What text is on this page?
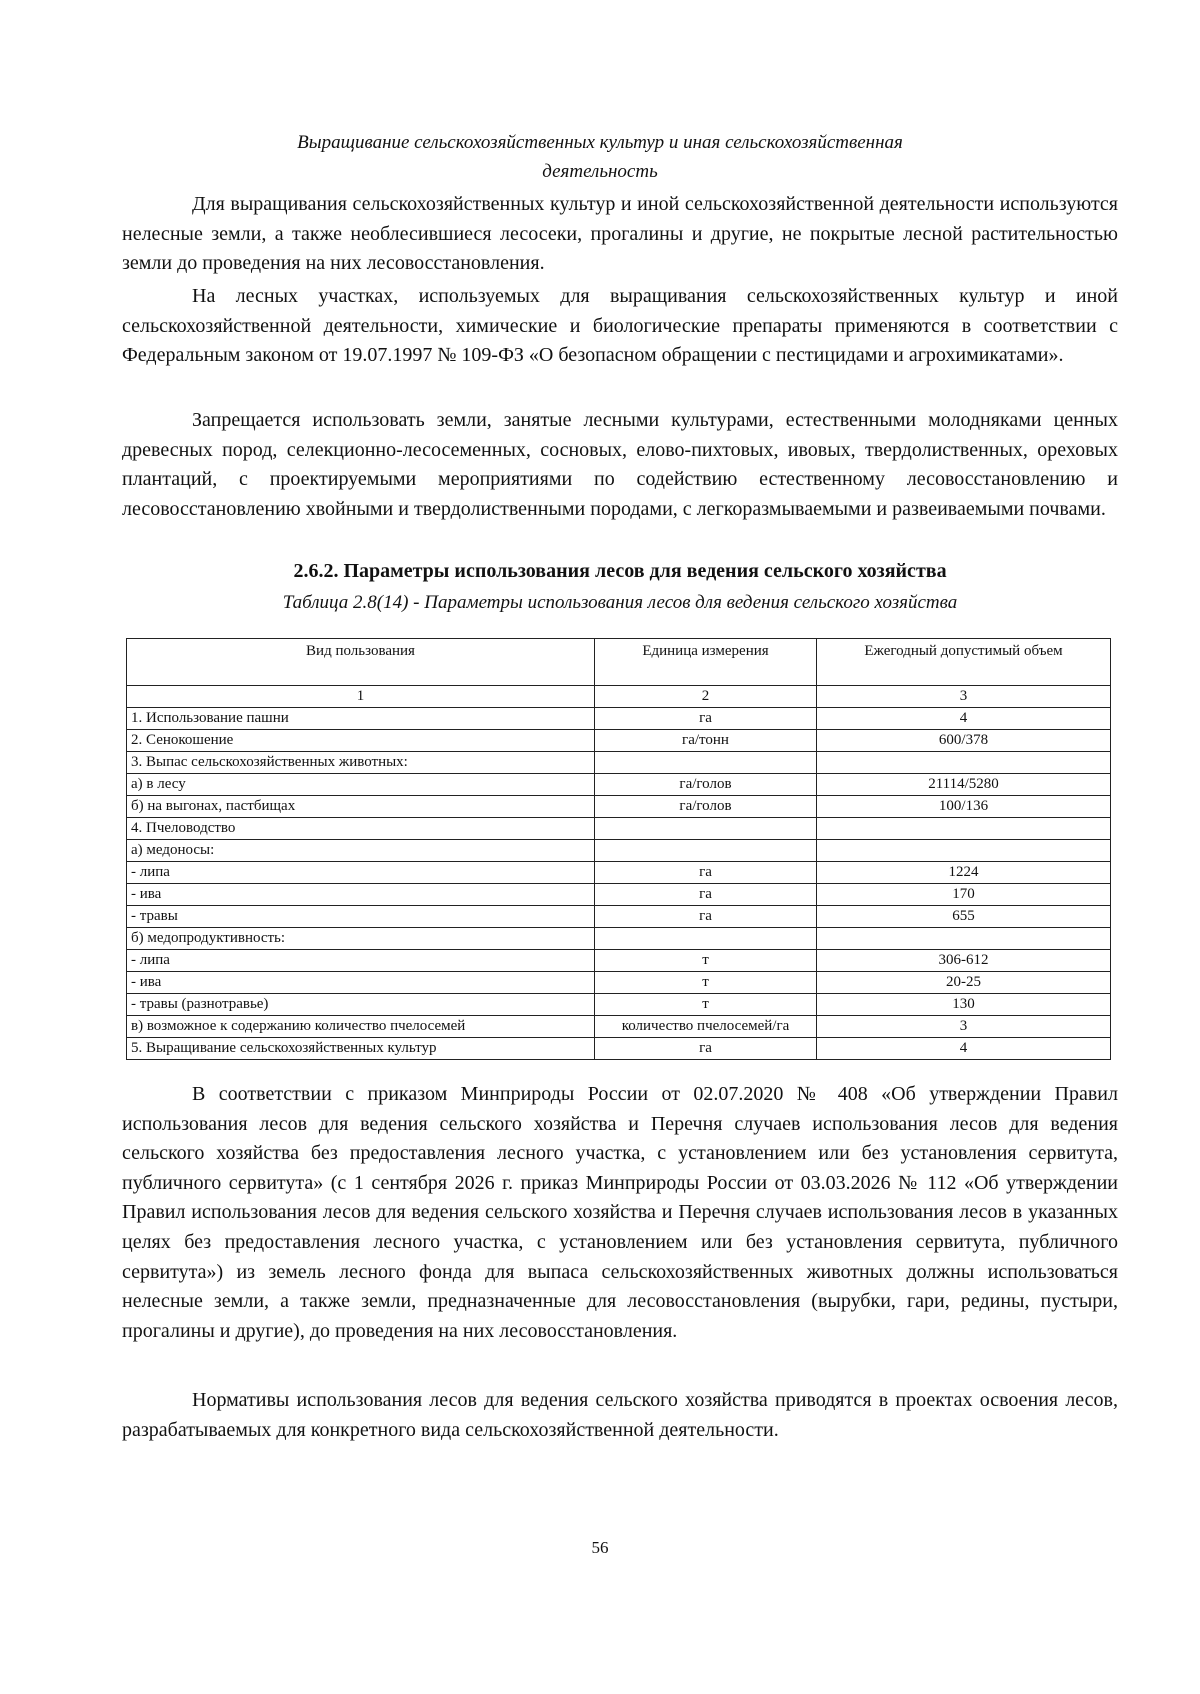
Выращивание сельскохозяйственных культур и иная сельскохозяйственная
деятельность
Для выращивания сельскохозяйственных культур и иной сельскохозяйственной деятельности используются нелесные земли, а также необлесившиеся лесосеки, прогалины и другие, не покрытые лесной растительностью земли до проведения на них лесовосстановления.
На лесных участках, используемых для выращивания сельскохозяйственных культур и иной сельскохозяйственной деятельности, химические и биологические препараты применяются в соответствии с Федеральным законом от 19.07.1997 № 109-ФЗ «О безопасном обращении с пестицидами и агрохимикатами».
Запрещается использовать земли, занятые лесными культурами, естественными молодняками ценных древесных пород, селекционно-лесосеменных, сосновых, елово-пихтовых, ивовых, твердолиственных, ореховых плантаций, с проектируемыми мероприятиями по содействию естественному лесовосстановлению и лесовосстановлению хвойными и твердолиственными породами, с легкоразмываемыми и развеиваемыми почвами.
2.6.2. Параметры использования лесов для ведения сельского хозяйства
Таблица 2.8(14) - Параметры использования лесов для ведения сельского хозяйства
Вид пользования	Единица измерения	Ежегодный допустимый объем
1	2	3
1. Использование пашни	га	4
2. Сенокошение	га/тонн	600/378
3. Выпас сельскохозяйственных животных:		
а) в лесу	га/голов	21114/5280
б) на выгонах, пастбищах	га/голов	100/136
4. Пчеловодство		
а) медоносы:		
- липа	га	1224
- ива	га	170
- травы	га	655
б) медопродуктивность:		
- липа	т	306-612
- ива	т	20-25
- травы (разнотравье)	т	130
в) возможное к содержанию количество пчелосемей	количество пчелосемей/га	3
5. Выращивание сельскохозяйственных культур	га	4
В соответствии с приказом Минприроды России от 02.07.2020 № 408 «Об утверждении Правил использования лесов для ведения сельского хозяйства и Перечня случаев использования лесов для ведения сельского хозяйства без предоставления лесного участка, с установлением или без установления сервитута, публичного сервитута» (с 1 сентября 2026 г. приказ Минприроды России от 03.03.2026 № 112 «Об утверждении Правил использования лесов для ведения сельского хозяйства и Перечня случаев использования лесов в указанных целях без предоставления лесного участка, с установлением или без установления сервитута, публичного сервитута») из земель лесного фонда для выпаса сельскохозяйственных животных должны использоваться нелесные земли, а также земли, предназначенные для лесовосстановления (вырубки, гари, редины, пустыри, прогалины и другие), до проведения на них лесовосстановления.
Нормативы использования лесов для ведения сельского хозяйства приводятся в проектах освоения лесов, разрабатываемых для конкретного вида сельскохозяйственной деятельности.
56
